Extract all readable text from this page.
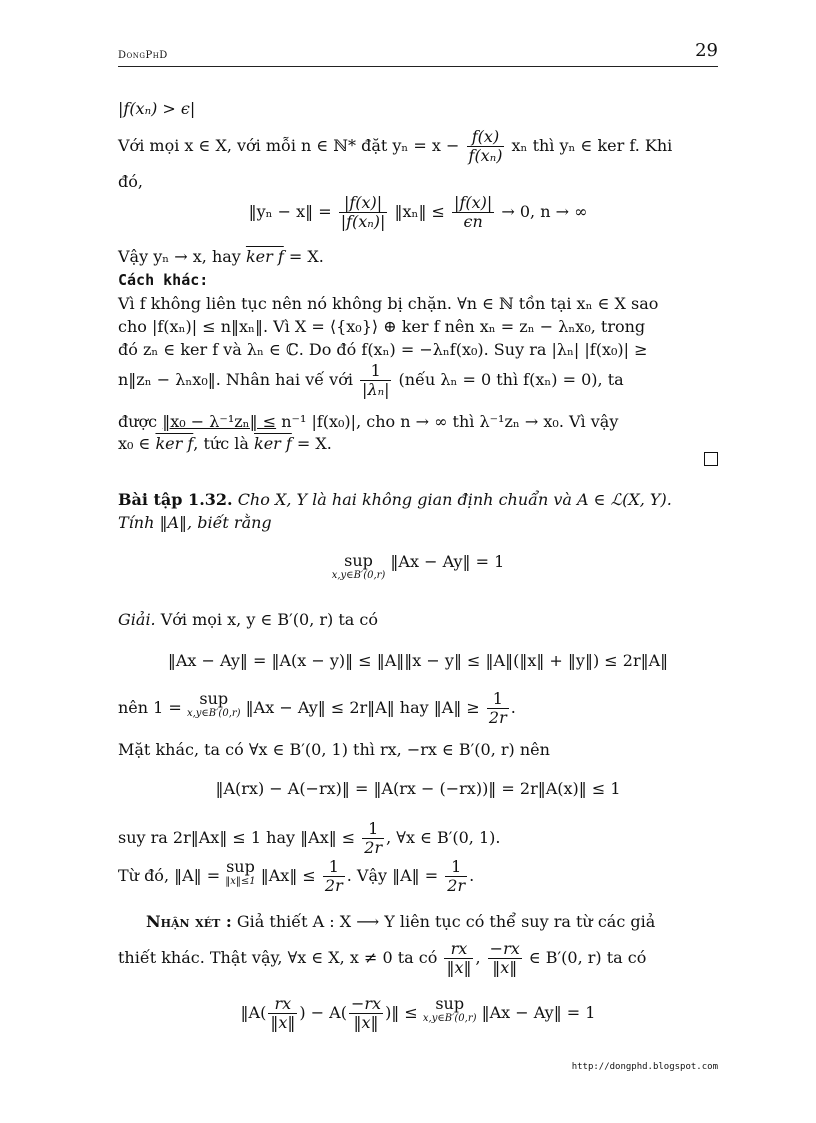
DongPhD	29
|f(xₙ) > ϵ|
Với mọi x ∈ X, với mỗi n ∈ ℕ* đặt $y_n = x - \frac{f(x)}{\text{f(xₙ)}}$ xₙ thì yₙ ∈ ker f. Khi
đó,
‖yₙ − x‖ = $\frac{|f(x)|}{\text{|f(xₙ)|}}$ ‖xₙ‖ ≤ $\frac{|f(x)|}{\epsilon n} \to 0$, n → ∞
Vậy yₙ → x, hay ker f = X.
Cách khác:
Vì f không liên tục nên nó không bị chặn. ∀n ∈ ℕ tồn tại xₙ ∈ X sao
cho |f(xₙ)| ≤ n‖xₙ‖. Vì X = ⟨{x₀}⟩ ⊕ ker f nên xₙ = zₙ − λₙx₀, trong
đó zₙ ∈ ker f và λₙ ∈ ℂ. Do đó f(xₙ) = −λₙf(x₀). Suy ra |λₙ| |f(x₀)| ≥
n‖zₙ − λₙx₀‖. Nhân hai vế với $\frac{1}{\text{|λₙ|}}$ (nếu λₙ = 0 thì f(xₙ) = 0), ta
được ‖x₀ − λ⁻¹zₙ‖ ≤ n⁻¹ |f(x₀)|, cho n → ∞ thì λ⁻¹zₙ → x₀. Vì vậy
x₀ ∈ ker f, tức là ker f = X.
Bài tập 1.32. Cho X, Y là hai không gian định chuẩn và A ∈ ℒ(X, Y).
Tính ‖A‖, biết rằng
sup
x,y∈B′(0,r)
‖Ax − Ay‖ = 1
Giải. Với mọi x, y ∈ B′(0, r) ta có
‖Ax − Ay‖ = ‖A(x − y)‖ ≤ ‖A‖‖x − y‖ ≤ ‖A‖(‖x‖ + ‖y‖) ≤ 2r‖A‖
nên 1 = sup
x,y∈B′(0,r) ‖Ax − Ay‖ ≤ 2r‖A‖ hay ‖A‖ ≥ $\frac{1}{2r}$ .
Mặt khác, ta có ∀x ∈ B′(0, 1) thì rx, −rx ∈ B′(0, r) nên
‖A(rx) − A(−rx)‖ = ‖A(rx − (−rx))‖ = 2r‖A(x)‖ ≤ 1
suy ra 2r‖Ax‖ ≤ 1 hay ‖Ax‖ ≤ $\frac{1}{2r}$ , ∀x ∈ B′(0, 1).
Từ đó, ‖A‖ = sup
‖x‖≤1 ‖Ax‖ ≤ $\frac{1}{2r}$ . Vậy ‖A‖ = $\frac{1}{2r}$ .
Nhận xét : Giả thiết A : X ⟶ Y liên tục có thể suy ra từ các giả
thiết khác. Thật vậy, ∀x ∈ X, x ≠ 0 ta có $\frac{rx}{‖x‖}$ , $\frac{-rx}{‖x‖}$ ∈ B′(0, r) ta có
‖A( $\frac{rx}{‖x‖}$ ) − $A( \frac{-rx}{‖x‖}$ )‖ ≤ sup
x,y∈B′(0,r) ‖Ax − Ay‖ = 1
http://dongphd.blogspot.com
